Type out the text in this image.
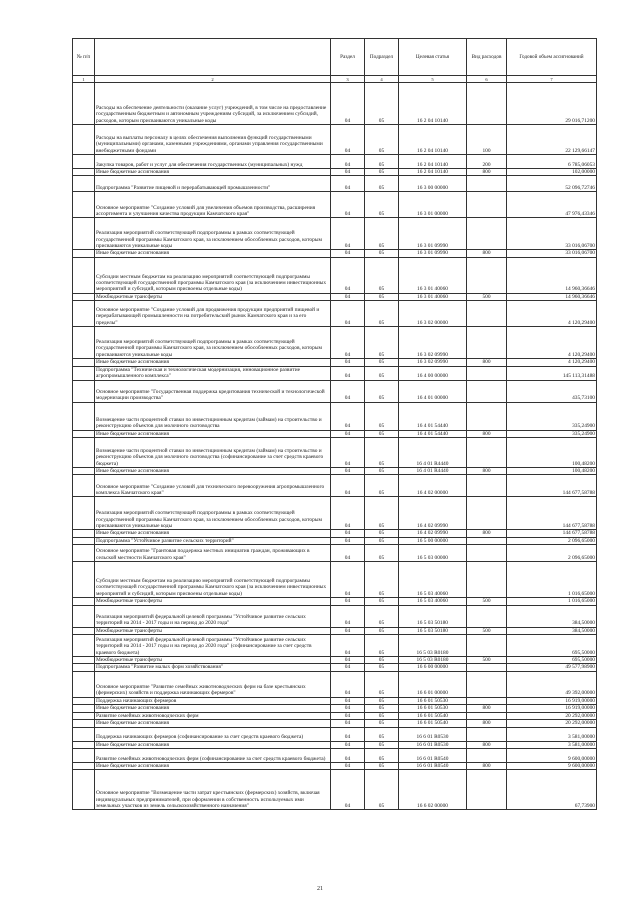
№ п/п		Раздел	Подраздел	Целевая статья	Вид расходов	Годовой объем ассигнований
1	2	3	4	5	6	7
	Расходы на обеспечение деятельности (оказание услуг) учреждений, в том числе на предоставление государственным бюджетным и автономным учреждениям субсидий, за исключением субсидий, расходов, которым присваиваются уникальные коды	04	05	16 2 04 10140		29 016,71200
	Расходы на выплаты персоналу в целях обеспечения выполнения функций государственными (муниципальными) органами, казенными учреждениями, органами управления государственными внебюджетными фондами	04	05	16 2 04 10140	100	22 129,66147
	Закупка товаров, работ и услуг для обеспечения государственных (муниципальных) нужд	04	05	16 2 04 10140	200	6 785,06053
	Иные бюджетные ассигнования	04	05	16 2 04 10140	800	102,00000
	Подпрограмма "Развитие пищевой и перерабатывающей промышленности"	04	05	16 3 00 00000		52 096,72746
	Основное мероприятие "Создание условий для увеличения объемов производства, расширения ассортимента и улучшения качества продукции Камчатского края"	04	05	16 3 01 00000		47 976,43346
	Реализация мероприятий соответствующей подпрограммы в рамках соответствующей государственной программы Камчатского края, за исключением обособленных расходов, которым присваиваются уникальные коды	04	05	16 3 01 09990		33 016,06700
	Иные бюджетные ассигнования	04	05	16 3 01 09990	800	33 016,06700
	Субсидии местным бюджетам на реализацию мероприятий соответствующей подпрограммы соответствующей государственной программы Камчатского края (за исключением инвестиционных мероприятий и субсидий, которым присвоены отдельные коды)	04	05	16 3 01 40060		14 960,36646
	Межбюджетные трансферты	04	05	16 3 01 40060	500	14 960,36646
	Основное мероприятие "Создание условий для продвижения продукции предприятий пищевой и перерабатывающей промышленности на потребительский рынок Камчатского края и за его пределы"	04	05	16 3 02 00000		4 120,29400
	Реализация мероприятий соответствующей подпрограммы в рамках соответствующей государственной программы Камчатского края, за исключением обособленных расходов, которым присваиваются уникальные коды	04	05	16 3 02 09990		4 120,29400
	Иные бюджетные ассигнования	04	05	16 3 02 09990	800	4 120,29400
	Подпрограмма "Техническая и технологическая модернизация, инновационное развитие агропромышленного комплекса"	04	05	16 4 00 00000		145 113,31488
	Основное мероприятие "Государственная поддержка кредитования технической и технологической модернизации производства"	04	05	16 4 01 00000		435,73100
	Возмещение части процентной ставки по инвестиционным кредитам (займам) на строительство и реконструкцию объектов для молочного скотоводства	04	05	16 4 01 54440		335,24900
	Иные бюджетные ассигнования	04	05	16 4 01 54440	800	335,24900
	Возмещение части процентной ставки по инвестиционным кредитам (займам) на строительство и реконструкцию объектов для молочного скотоводства (софинансирование за счет средств краевого бюджета)	04	05	16 4 01 R4440		100,48200
	Иные бюджетные ассигнования	04	05	16 4 01 R4440	800	100,48200
	Основное мероприятие "Создание условий для технического перевооружения агропромышленного комплекса Камчатского края"	04	05	16 4 02 00000		144 677,58788
	Реализация мероприятий соответствующей подпрограммы в рамках соответствующей государственной программы Камчатского края, за исключением обособленных расходов, которым присваиваются уникальные коды	04	05	16 4 02 09990		144 677,58788
	Иные бюджетные ассигнования	04	05	16 4 02 09990	800	144 677,58788
	Подпрограмма "Устойчивое развитие сельских территорий"	04	05	16 5 00 00000		2 096,65000
	Основное мероприятие "Грантовая поддержка местных инициатив граждан, проживающих в сельской местности Камчатского края"	04	05	16 5 03 00000		2 096,65000
	Субсидии местным бюджетам на реализацию мероприятий соответствующей подпрограммы соответствующей государственной программы Камчатского края (за исключением инвестиционных мероприятий и субсидий, которым присвоены отдельные коды)	04	05	16 5 03 40060		1 016,65000
	Межбюджетные трансферты	04	05	16 5 03 40060	500	1 016,65000
	Реализация мероприятий федеральной целевой программы "Устойчивое развитие сельских территорий на 2014 - 2017 годы и на период до 2020 года"	04	05	16 5 03 50180		384,50000
	Межбюджетные трансферты	04	05	16 5 03 50180	500	384,50000
	Реализация мероприятий федеральной целевой программы "Устойчивое развитие сельских территорий на 2014 - 2017 годы и на период до 2020 года" (софинансирование за счет средств краевого бюджета)	04	05	16 5 03 R0180		695,50000
	Межбюджетные трансферты	04	05	16 5 03 R0180	500	695,50000
	Подпрограмма "Развитие малых форм хозяйствования"	04	05	16 6 00 00000		49 577,98900
	Основное мероприятие "Развитие семейных животноводческих ферм на базе крестьянских (фермерских) хозяйств и поддержка начинающих фермеров"	04	05	16 6 01 00000		49 392,00000
	Поддержка начинающих фермеров	04	05	16 6 01 50530		16 919,00000
	Иные бюджетные ассигнования	04	05	16 6 01 50530	800	16 919,00000
	Развитие семейных животноводческих ферм	04	05	16 6 01 50540		20 292,00000
	Иные бюджетные ассигнования	04	05	16 6 01 50540	800	20 292,00000
	Поддержка начинающих фермеров (софинансирование за счет средств краевого бюджета)	04	05	16 6 01 R0530		3 581,00000
	Иные бюджетные ассигнования	04	05	16 6 01 R0530	800	3 581,00000
	Развитие семейных животноводческих ферм (софинансирование за счет средств краевого бюджета)	04	05	16 6 01 R0540		9 600,00000
	Иные бюджетные ассигнования	04	05	16 6 01 R0540	800	9 600,00000
	Основное мероприятие "Возмещение части затрат крестьянских (фермерских) хозяйств, включая индивидуальных предпринимателей, при оформлении в собственность используемых ими земельных участков из земель сельскохозяйственного назначения"	04	05	16 6 02 00000		67,73900
21
